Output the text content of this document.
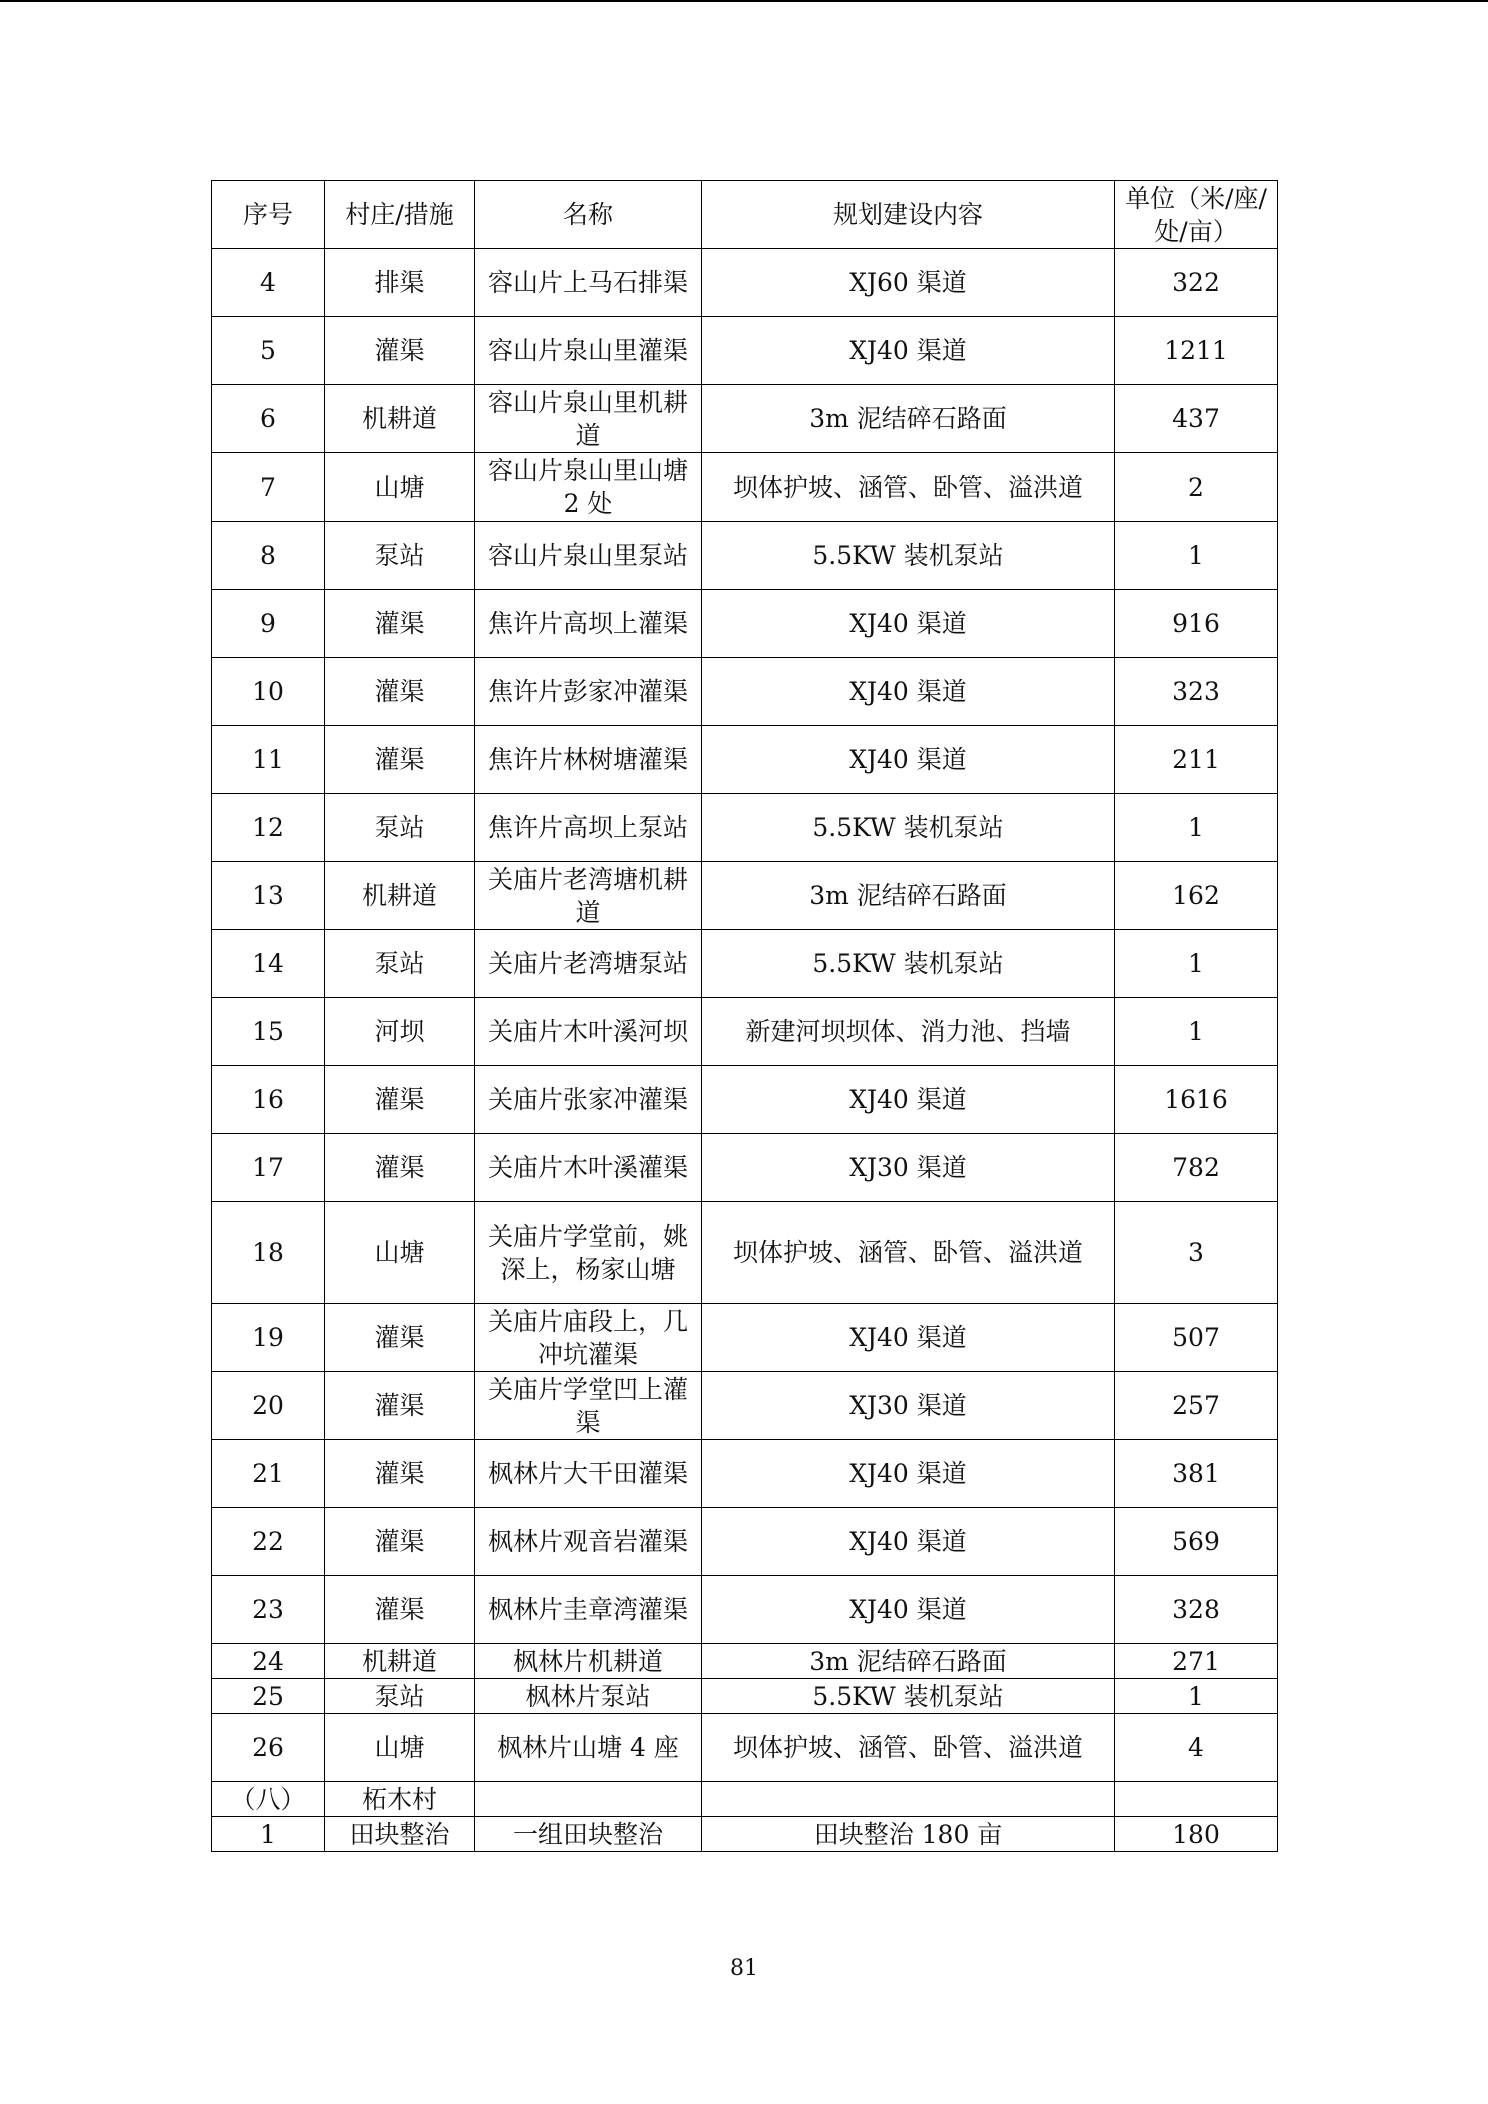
序号	村庄/措施	名称	规划建设内容	单位（米/座/处/亩）
4	排渠	容山片上马石排渠	XJ60 渠道	322
5	灌渠	容山片泉山里灌渠	XJ40 渠道	1211
6	机耕道	容山片泉山里机耕道	3m 泥结碎石路面	437
7	山塘	容山片泉山里山塘 2 处	坝体护坡、涵管、卧管、溢洪道	2
8	泵站	容山片泉山里泵站	5.5KW 装机泵站	1
9	灌渠	焦许片高坝上灌渠	XJ40 渠道	916
10	灌渠	焦许片彭家冲灌渠	XJ40 渠道	323
11	灌渠	焦许片林树塘灌渠	XJ40 渠道	211
12	泵站	焦许片高坝上泵站	5.5KW 装机泵站	1
13	机耕道	关庙片老湾塘机耕道	3m 泥结碎石路面	162
14	泵站	关庙片老湾塘泵站	5.5KW 装机泵站	1
15	河坝	关庙片木叶溪河坝	新建河坝坝体、消力池、挡墙	1
16	灌渠	关庙片张家冲灌渠	XJ40 渠道	1616
17	灌渠	关庙片木叶溪灌渠	XJ30 渠道	782
18	山塘	关庙片学堂前，姚深上，杨家山塘	坝体护坡、涵管、卧管、溢洪道	3
19	灌渠	关庙片庙段上，几冲坑灌渠	XJ40 渠道	507
20	灌渠	关庙片学堂凹上灌渠	XJ30 渠道	257
21	灌渠	枫林片大干田灌渠	XJ40 渠道	381
22	灌渠	枫林片观音岩灌渠	XJ40 渠道	569
23	灌渠	枫林片圭章湾灌渠	XJ40 渠道	328
24	机耕道	枫林片机耕道	3m 泥结碎石路面	271
25	泵站	枫林片泵站	5.5KW 装机泵站	1
26	山塘	枫林片山塘 4 座	坝体护坡、涵管、卧管、溢洪道	4
（八）	柘木村			
1	田块整治	一组田块整治	田块整治 180 亩	180
81
